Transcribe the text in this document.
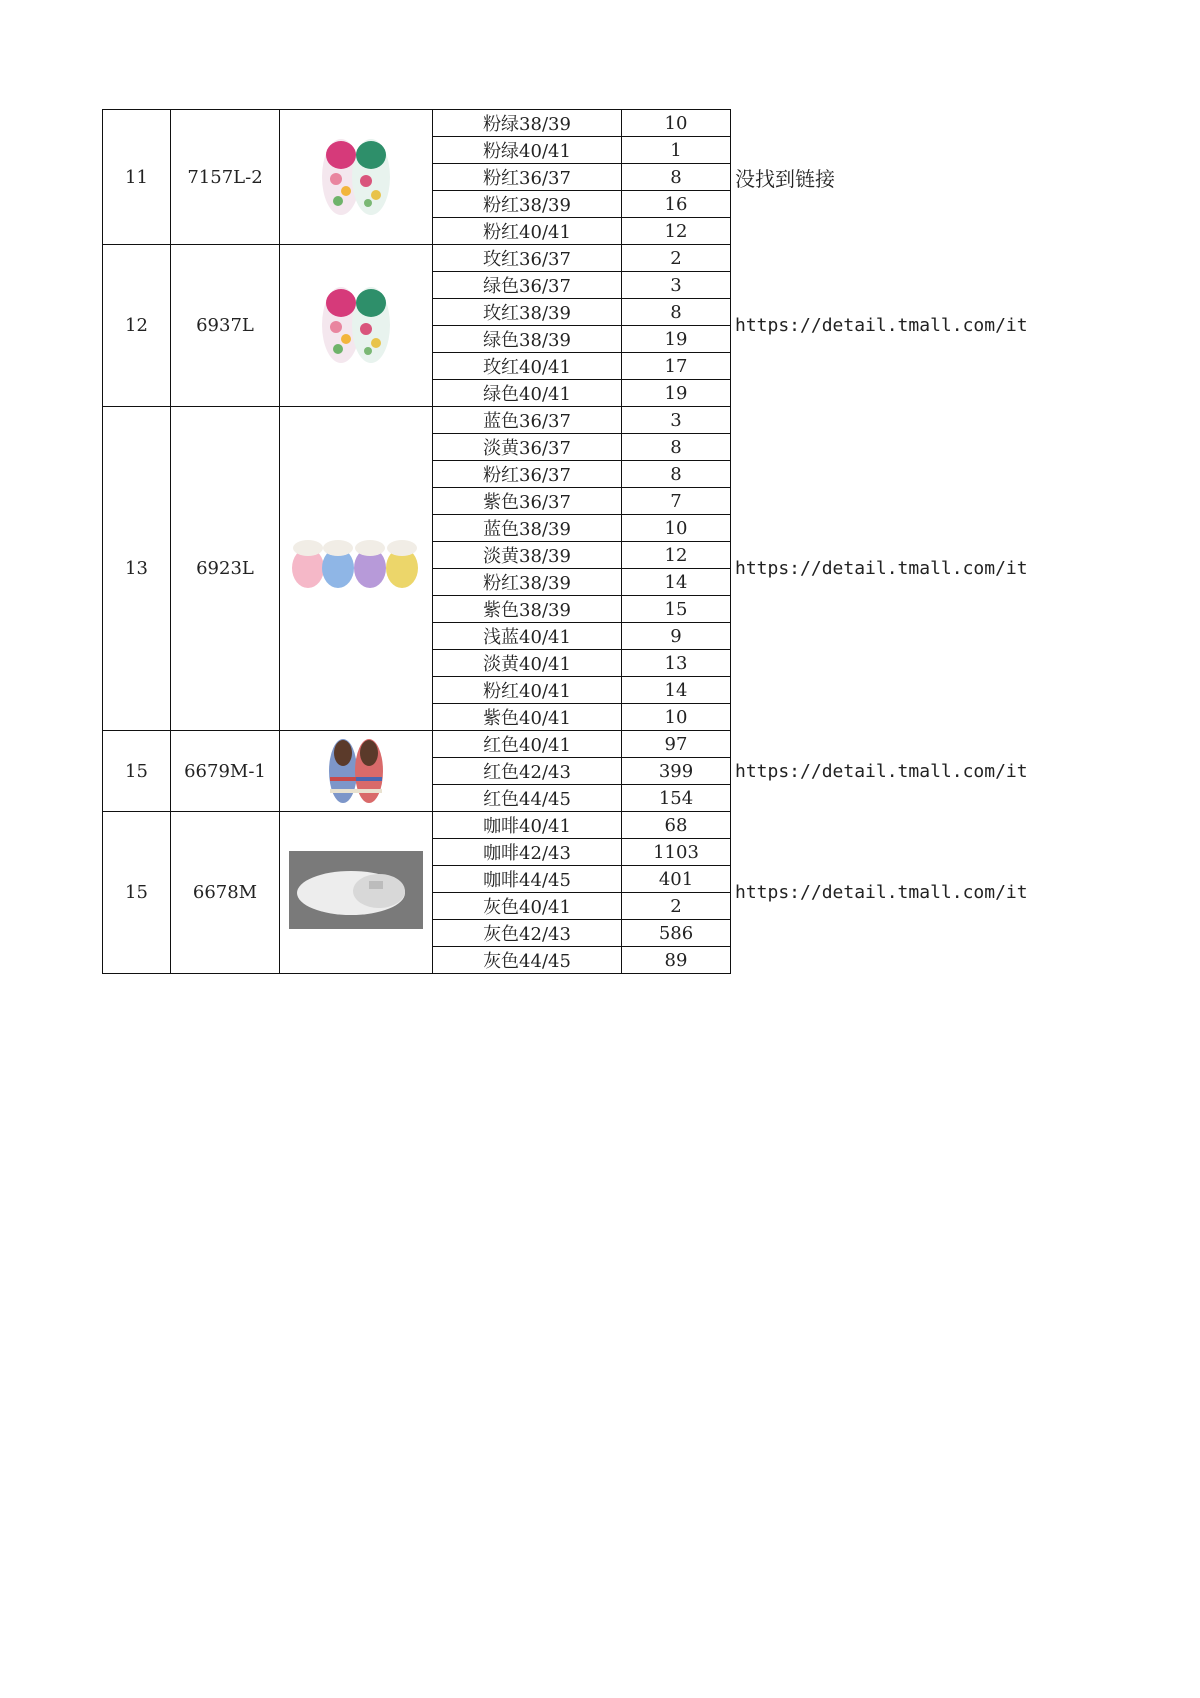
11	7157L-2		粉绿38/39	10	没找到链接
			粉绿40/41	1	
			粉红36/37	8	
			粉红38/39	16	
			粉红40/41	12	
12	6937L		玫红36/37	2	https://detail.tmall.com/it
			绿色36/37	3	
			玫红38/39	8	
			绿色38/39	19	
			玫红40/41	17	
			绿色40/41	19	
13	6923L		蓝色36/37	3	https://detail.tmall.com/it
			淡黄36/37	8	
			粉红36/37	8	
			紫色36/37	7	
			蓝色38/39	10	
			淡黄38/39	12	
			粉红38/39	14	
			紫色38/39	15	
			浅蓝40/41	9	
			淡黄40/41	13	
			粉红40/41	14	
			紫色40/41	10	
15	6679M-1		红色40/41	97	https://detail.tmall.com/it
			红色42/43	399	
			红色44/45	154	
15	6678M		咖啡40/41	68	https://detail.tmall.com/it
			咖啡42/43	1103	
			咖啡44/45	401	
			灰色40/41	2	
			灰色42/43	586	
			灰色44/45	89	
